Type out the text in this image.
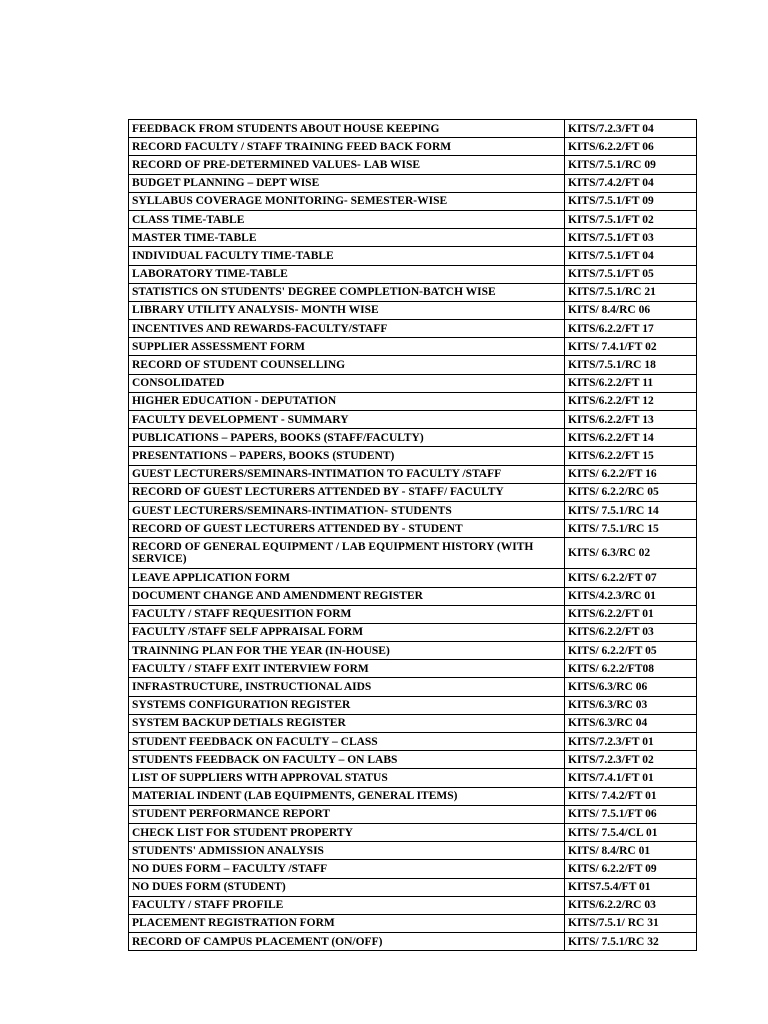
FEEDBACK FROM STUDENTS ABOUT HOUSE KEEPING	KITS/7.2.3/FT 04
RECORD FACULTY / STAFF TRAINING FEED BACK FORM	KITS/6.2.2/FT 06
RECORD OF PRE-DETERMINED VALUES- LAB WISE	KITS/7.5.1/RC 09
BUDGET PLANNING – DEPT WISE	KITS/7.4.2/FT 04
SYLLABUS COVERAGE MONITORING- SEMESTER-WISE	KITS/7.5.1/FT 09
CLASS TIME-TABLE	KITS/7.5.1/FT 02
MASTER TIME-TABLE	KITS/7.5.1/FT 03
INDIVIDUAL FACULTY TIME-TABLE	KITS/7.5.1/FT 04
LABORATORY TIME-TABLE	KITS/7.5.1/FT 05
STATISTICS ON STUDENTS' DEGREE COMPLETION-BATCH WISE	KITS/7.5.1/RC 21
LIBRARY UTILITY ANALYSIS- MONTH WISE	KITS/ 8.4/RC 06
INCENTIVES AND REWARDS-FACULTY/STAFF	KITS/6.2.2/FT 17
SUPPLIER ASSESSMENT FORM	KITS/ 7.4.1/FT 02
RECORD OF STUDENT COUNSELLING	KITS/7.5.1/RC 18
CONSOLIDATED	KITS/6.2.2/FT 11
HIGHER EDUCATION - DEPUTATION	KITS/6.2.2/FT 12
FACULTY DEVELOPMENT - SUMMARY	KITS/6.2.2/FT 13
PUBLICATIONS – PAPERS, BOOKS (STAFF/FACULTY)	KITS/6.2.2/FT 14
PRESENTATIONS – PAPERS, BOOKS (STUDENT)	KITS/6.2.2/FT 15
GUEST LECTURERS/SEMINARS-INTIMATION TO FACULTY /STAFF	KITS/ 6.2.2/FT 16
RECORD OF GUEST LECTURERS ATTENDED BY - STAFF/ FACULTY	KITS/ 6.2.2/RC 05
GUEST LECTURERS/SEMINARS-INTIMATION- STUDENTS	KITS/ 7.5.1/RC 14
RECORD OF GUEST LECTURERS ATTENDED BY - STUDENT	KITS/ 7.5.1/RC 15
RECORD OF GENERAL EQUIPMENT / LAB EQUIPMENT HISTORY (WITH SERVICE)	KITS/ 6.3/RC 02
LEAVE APPLICATION FORM	KITS/ 6.2.2/FT 07
DOCUMENT CHANGE AND AMENDMENT REGISTER	KITS/4.2.3/RC 01
FACULTY / STAFF REQUESITION FORM	KITS/6.2.2/FT 01
FACULTY /STAFF SELF APPRAISAL FORM	KITS/6.2.2/FT 03
TRAINNING PLAN FOR THE YEAR (IN-HOUSE)	KITS/ 6.2.2/FT 05
FACULTY / STAFF EXIT INTERVIEW FORM	KITS/ 6.2.2/FT08
INFRASTRUCTURE, INSTRUCTIONAL AIDS	KITS/6.3/RC 06
SYSTEMS CONFIGURATION REGISTER	KITS/6.3/RC 03
SYSTEM BACKUP DETIALS REGISTER	KITS/6.3/RC 04
STUDENT FEEDBACK ON FACULTY – CLASS	KITS/7.2.3/FT 01
STUDENTS FEEDBACK ON FACULTY – ON LABS	KITS/7.2.3/FT 02
LIST OF SUPPLIERS WITH APPROVAL STATUS	KITS/7.4.1/FT 01
MATERIAL INDENT (LAB EQUIPMENTS, GENERAL ITEMS)	KITS/ 7.4.2/FT 01
STUDENT PERFORMANCE REPORT	KITS/ 7.5.1/FT 06
CHECK LIST FOR STUDENT PROPERTY	KITS/ 7.5.4/CL 01
STUDENTS' ADMISSION ANALYSIS	KITS/ 8.4/RC 01
NO DUES FORM – FACULTY /STAFF	KITS/ 6.2.2/FT 09
NO DUES FORM (STUDENT)	KITS7.5.4/FT 01
FACULTY / STAFF PROFILE	KITS/6.2.2/RC 03
PLACEMENT REGISTRATION FORM	KITS/7.5.1/ RC 31
RECORD OF CAMPUS PLACEMENT (ON/OFF)	KITS/ 7.5.1/RC 32
